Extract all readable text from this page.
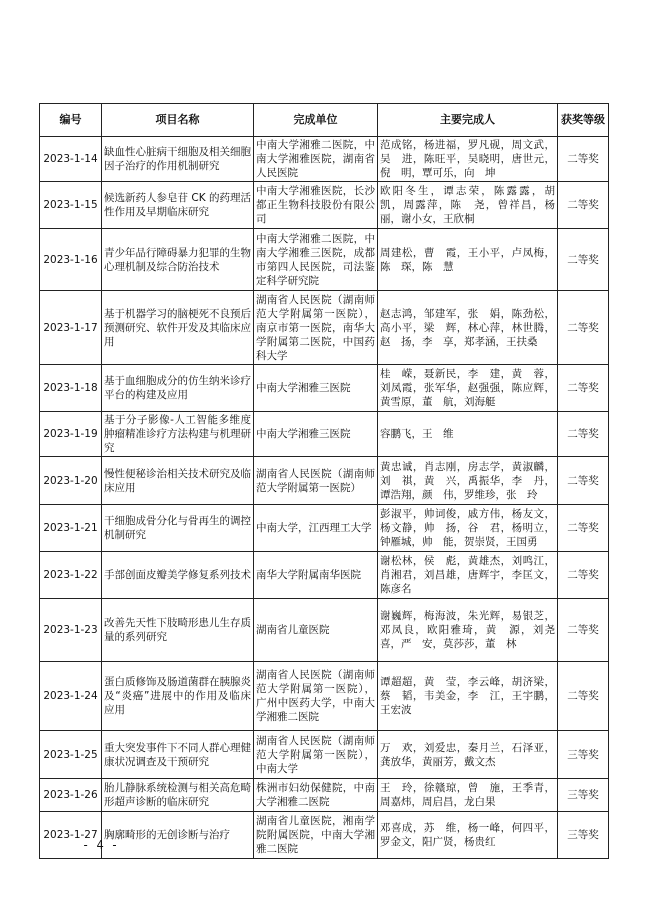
编号	项目名称	完成单位	主要完成人	获奖等级
2023-1-14	缺血性心脏病干细胞及相关细胞因子治疗的作用机制研究	中南大学湘雅二医院，中南大学湘雅医院，湖南省人民医院	范成铭，杨进福，罗凡砚，周文武，吴　进，陈旺平，吴晓明，唐世元，倪　明，覃可乐，向　坤	二等奖
2023-1-15	候选新药人参皂苷 CK 的药理活性作用及早期临床研究	中南大学湘雅医院，长沙都正生物科技股份有限公司	欧阳冬生，谭志荣，陈露露，胡　凯，周露萍，陈　尧，曾祥昌，杨　丽，谢小女，王欣桐	二等奖
2023-1-16	青少年品行障碍暴力犯罪的生物心理机制及综合防治技术	中南大学湘雅二医院，中南大学湘雅三医院，成都市第四人民医院，司法鉴定科学研究院	周建松，曹　霞，王小平，卢凤梅，陈　琛，陈　慧	二等奖
2023-1-17	基于机器学习的脑梗死不良预后预测研究、软件开发及其临床应用	湖南省人民医院（湖南师范大学附属第一医院），南京市第一医院，南华大学附属第二医院，中国药科大学	赵志鸿，邹建军，张　娟，陈劲松，高小平，梁　辉，林心萍，林世腾，赵　扬，李　享，郑孝涵，王扶桑	二等奖
2023-1-18	基于血细胞成分的仿生纳米诊疗平台的构建及应用	中南大学湘雅三医院	桂　嵘，聂新民，李　建，黄　蓉，刘凤霞，张军华，赵强强，陈应辉，黄雪原，董　航，刘海艇	二等奖
2023-1-19	基于分子影像-人工智能多维度肿瘤精准诊疗方法构建与机理研究	中南大学湘雅三医院	容鹏飞，王　维	二等奖
2023-1-20	慢性便秘诊治相关技术研究及临床应用	湖南省人民医院（湖南师范大学附属第一医院）	黄忠诚，肖志刚，房志学，黄淑麟，刘　祺，黄　兴，禹振华，李　丹，谭浩翔，颜　伟，罗维珍，张　玲	二等奖
2023-1-21	干细胞成骨分化与骨再生的调控机制研究	中南大学，江西理工大学	彭淑平，帅词俊，戚方伟，杨友文，杨文静，帅　扬，谷　君，杨明立，钟雁城，帅　能，贺崇贤，王国勇	二等奖
2023-1-22	手部创面皮瓣美学修复系列技术	南华大学附属南华医院	谢松林，侯　彪，黄雄杰，刘鸣江，肖湘君，刘昌雄，唐辉宇，李匡文，陈彦名	二等奖
2023-1-23	改善先天性下肢畸形患儿生存质量的系列研究	湖南省儿童医院	谢巍辉，梅海波，朱光辉，易银芝，邓凤良，欧阳雅琦，黄　源，刘尧喜，严　安，莫莎莎，董　林	二等奖
2023-1-24	蛋白质修饰及肠道菌群在胰腺炎及“炎癌”进展中的作用及临床应用	湖南省人民医院（湖南师范大学附属第一医院），广州中医药大学，中南大学湘雅二医院	谭超超，黄　莹，李云峰，胡济梁，蔡　韬，韦美金，李　江，王宇鹏，王宏波	二等奖
2023-1-25	重大突发事件下不同人群心理健康状况调查及干预研究	湖南省人民医院（湖南师范大学附属第一医院），中南大学	万　欢，刘爱忠，秦月兰，石泽亚，龚放华，黄丽芳，戴文杰	三等奖
2023-1-26	胎儿静脉系统检测与相关高危畸形超声诊断的临床研究	株洲市妇幼保健院，中南大学湘雅二医院	王　玲，徐赣琼，曾　施，王季青，周嘉炜，周启昌，龙白果	三等奖
2023-1-27	胸廓畸形的无创诊断与治疗	湖南省儿童医院，湘南学院附属医院，中南大学湘雅二医院	邓喜成，苏　维，杨一峰，何四平，罗金文，阳广贤，杨贵红	三等奖
- 4 -
